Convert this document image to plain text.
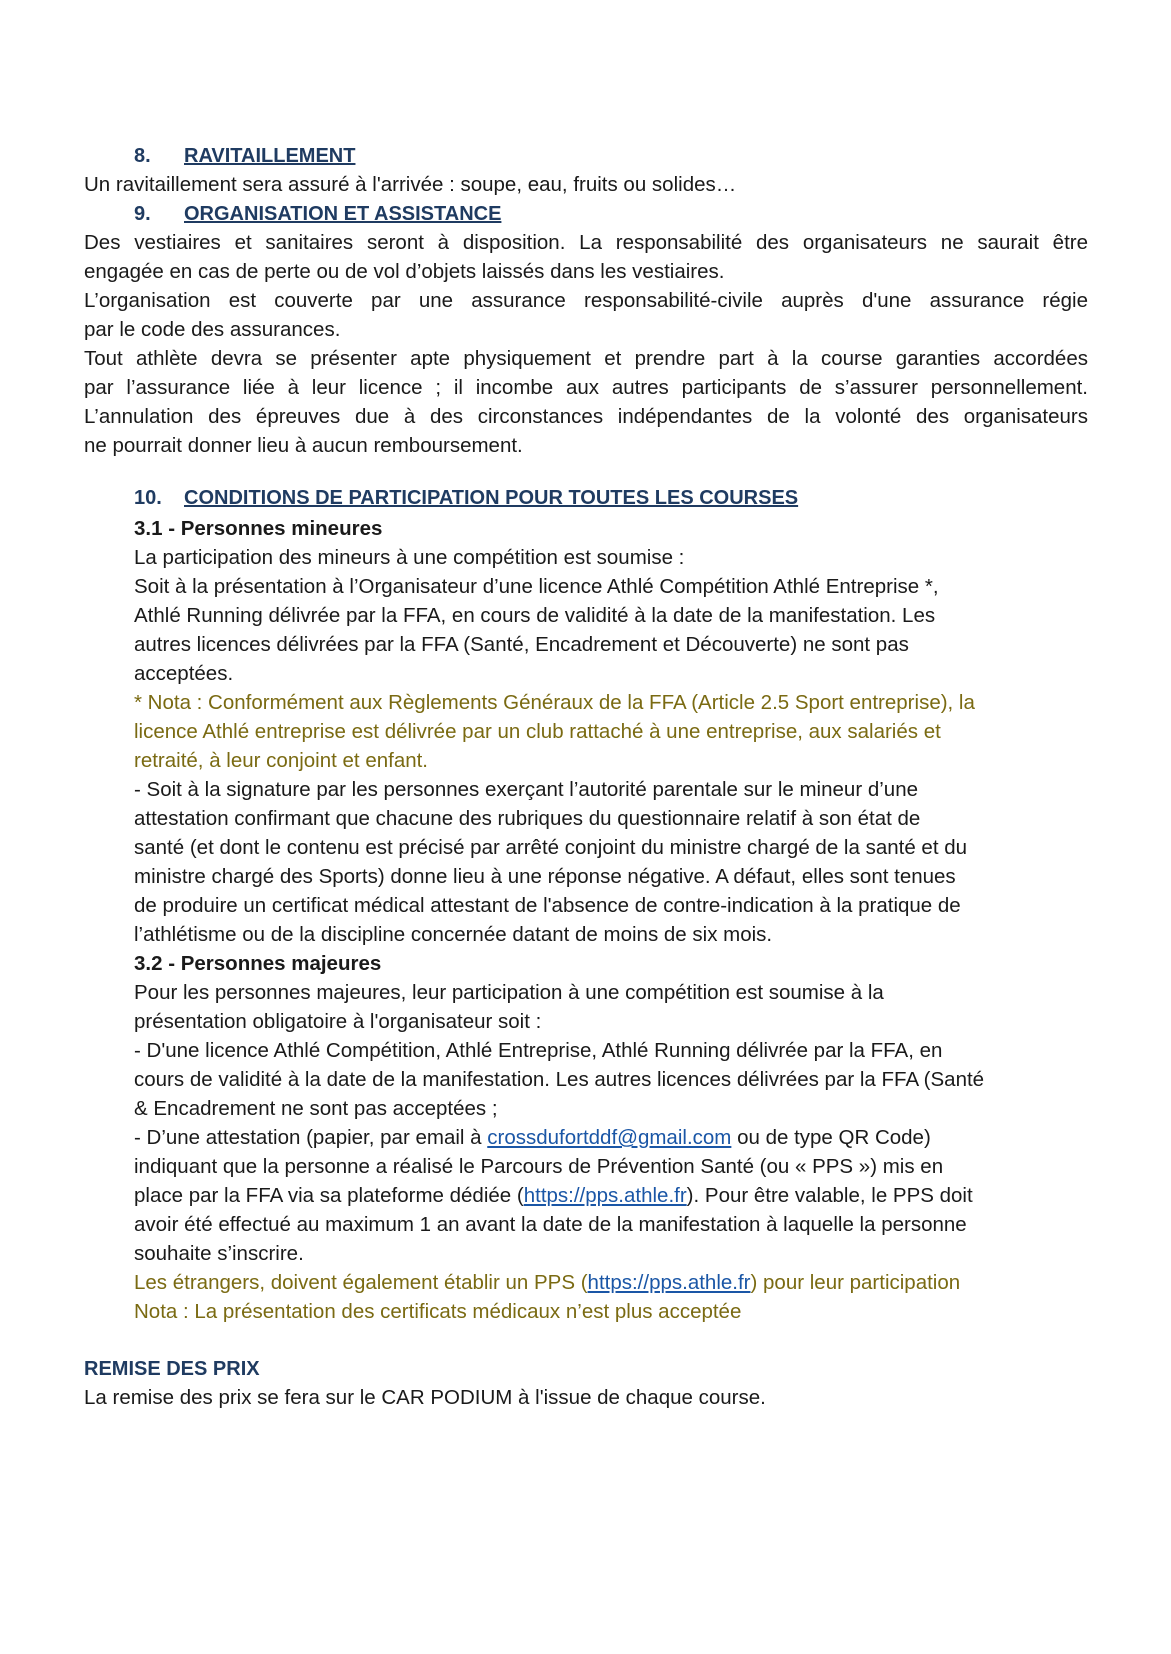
8. RAVITAILLEMENT
Un ravitaillement sera assuré à l'arrivée : soupe, eau, fruits ou solides…
9. ORGANISATION ET ASSISTANCE
Des vestiaires et sanitaires seront à disposition. La responsabilité des organisateurs ne saurait être
engagée en cas de perte ou de vol d’objets laissés dans les vestiaires.
L’organisation est couverte par une assurance responsabilité-civile auprès d'une assurance régie
par le code des assurances.
Tout athlète devra se présenter apte physiquement et prendre part à la course garanties accordées
par l’assurance liée à leur licence ; il incombe aux autres participants de s’assurer personnellement.
L’annulation des épreuves due à des circonstances indépendantes de la volonté des organisateurs
ne pourrait donner lieu à aucun remboursement.
10. CONDITIONS DE PARTICIPATION POUR TOUTES LES COURSES
3.1 - Personnes mineures
La participation des mineurs à une compétition est soumise :
Soit à la présentation à l’Organisateur d’une licence Athlé Compétition Athlé Entreprise *,
Athlé Running délivrée par la FFA, en cours de validité à la date de la manifestation. Les
autres licences délivrées par la FFA (Santé, Encadrement et Découverte) ne sont pas
acceptées.
* Nota : Conformément aux Règlements Généraux de la FFA (Article 2.5 Sport entreprise), la
licence Athlé entreprise est délivrée par un club rattaché à une entreprise, aux salariés et
retraité, à leur conjoint et enfant.
- Soit à la signature par les personnes exerçant l’autorité parentale sur le mineur d’une
attestation confirmant que chacune des rubriques du questionnaire relatif à son état de
santé (et dont le contenu est précisé par arrêté conjoint du ministre chargé de la santé et du
ministre chargé des Sports) donne lieu à une réponse négative. A défaut, elles sont tenues
de produire un certificat médical attestant de l'absence de contre-indication à la pratique de
l’athlétisme ou de la discipline concernée datant de moins de six mois.
3.2 - Personnes majeures
Pour les personnes majeures, leur participation à une compétition est soumise à la
présentation obligatoire à l'organisateur soit :
- D'une licence Athlé Compétition, Athlé Entreprise, Athlé Running délivrée par la FFA, en
cours de validité à la date de la manifestation. Les autres licences délivrées par la FFA (Santé
& Encadrement ne sont pas acceptées ;
- D’une attestation (papier, par email à crossdufortddf@gmail.com ou de type QR Code)
indiquant que la personne a réalisé le Parcours de Prévention Santé (ou « PPS ») mis en
place par la FFA via sa plateforme dédiée (https://pps.athle.fr). Pour être valable, le PPS doit
avoir été effectué au maximum 1 an avant la date de la manifestation à laquelle la personne
souhaite s’inscrire.
Les étrangers, doivent également établir un PPS (https://pps.athle.fr) pour leur participation
Nota : La présentation des certificats médicaux n’est plus acceptée
REMISE DES PRIX
La remise des prix se fera sur le CAR PODIUM à l'issue de chaque course.
